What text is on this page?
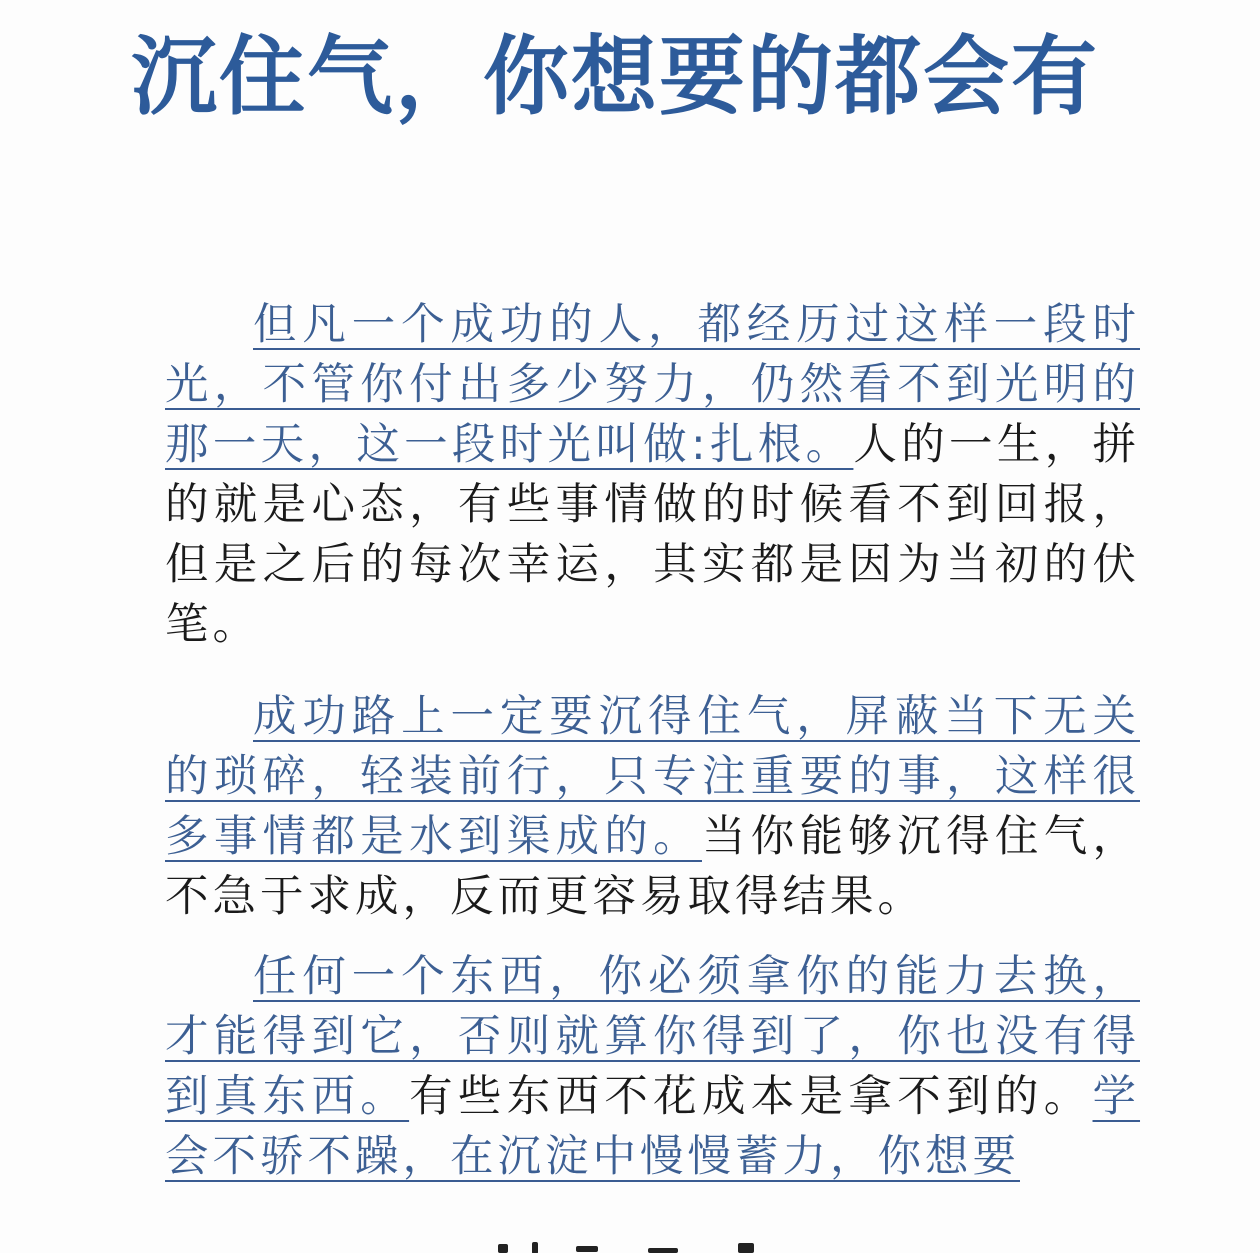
沉住气，你想要的都会有

但凡一个成功的人，都经历过这样一段时光，不管你付出多少努力，仍然看不到光明的那一天，这一段时光叫做:扎根。人的一生，拼的就是心态，有些事情做的时候看不到回报，但是之后的每次幸运，其实都是因为当初的伏笔。

成功路上一定要沉得住气，屏蔽当下无关的琐碎，轻装前行，只专注重要的事，这样很多事情都是水到渠成的。当你能够沉得住气，不急于求成，反而更容易取得结果。

任何一个东西，你必须拿你的能力去换，才能得到它，否则就算你得到了，你也没有得到真东西。有些东西不花成本是拿不到的。学会不骄不躁，在沉淀中慢慢蓄力，你想要
